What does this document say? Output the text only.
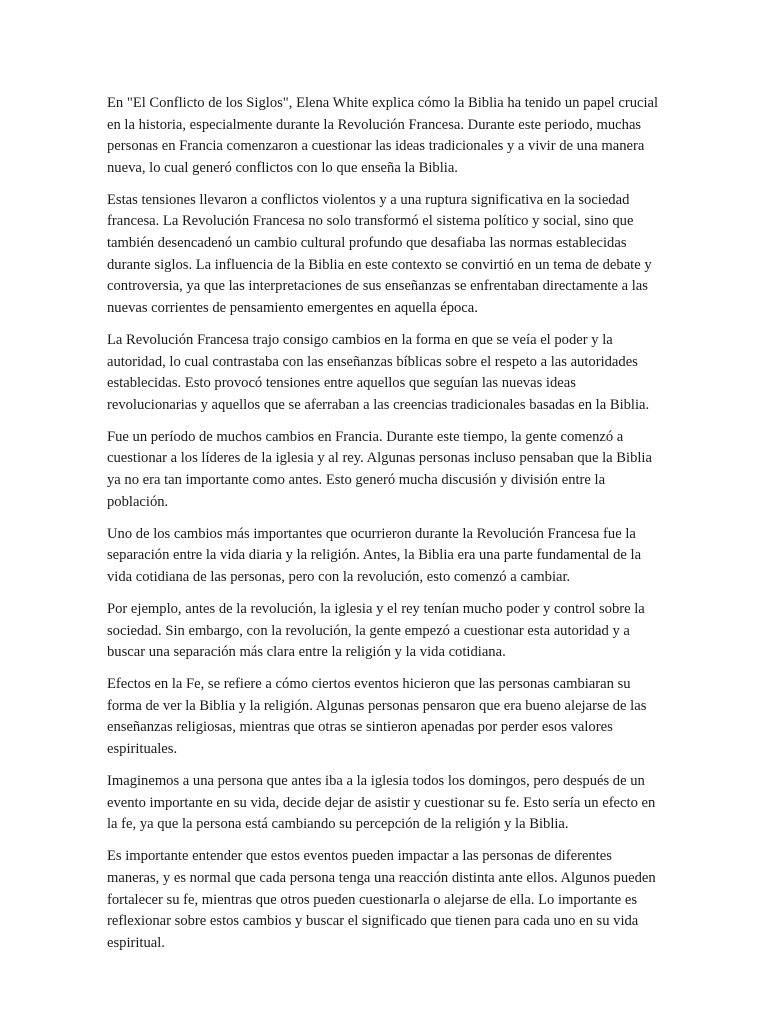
En "El Conflicto de los Siglos", Elena White explica cómo la Biblia ha tenido un papel crucial en la historia, especialmente durante la Revolución Francesa. Durante este periodo, muchas personas en Francia comenzaron a cuestionar las ideas tradicionales y a vivir de una manera nueva, lo cual generó conflictos con lo que enseña la Biblia.

Estas tensiones llevaron a conflictos violentos y a una ruptura significativa en la sociedad francesa. La Revolución Francesa no solo transformó el sistema político y social, sino que también desencadenó un cambio cultural profundo que desafiaba las normas establecidas durante siglos. La influencia de la Biblia en este contexto se convirtió en un tema de debate y controversia, ya que las interpretaciones de sus enseñanzas se enfrentaban directamente a las nuevas corrientes de pensamiento emergentes en aquella época.

La Revolución Francesa trajo consigo cambios en la forma en que se veía el poder y la autoridad, lo cual contrastaba con las enseñanzas bíblicas sobre el respeto a las autoridades establecidas. Esto provocó tensiones entre aquellos que seguían las nuevas ideas revolucionarias y aquellos que se aferraban a las creencias tradicionales basadas en la Biblia.

Fue un período de muchos cambios en Francia. Durante este tiempo, la gente comenzó a cuestionar a los líderes de la iglesia y al rey. Algunas personas incluso pensaban que la Biblia ya no era tan importante como antes. Esto generó mucha discusión y división entre la población.

Uno de los cambios más importantes que ocurrieron durante la Revolución Francesa fue la separación entre la vida diaria y la religión. Antes, la Biblia era una parte fundamental de la vida cotidiana de las personas, pero con la revolución, esto comenzó a cambiar.

Por ejemplo, antes de la revolución, la iglesia y el rey tenían mucho poder y control sobre la sociedad. Sin embargo, con la revolución, la gente empezó a cuestionar esta autoridad y a buscar una separación más clara entre la religión y la vida cotidiana.

Efectos en la Fe, se refiere a cómo ciertos eventos hicieron que las personas cambiaran su forma de ver la Biblia y la religión. Algunas personas pensaron que era bueno alejarse de las enseñanzas religiosas, mientras que otras se sintieron apenadas por perder esos valores espirituales.

Imaginemos a una persona que antes iba a la iglesia todos los domingos, pero después de un evento importante en su vida, decide dejar de asistir y cuestionar su fe. Esto sería un efecto en la fe, ya que la persona está cambiando su percepción de la religión y la Biblia.

Es importante entender que estos eventos pueden impactar a las personas de diferentes maneras, y es normal que cada persona tenga una reacción distinta ante ellos. Algunos pueden fortalecer su fe, mientras que otros pueden cuestionarla o alejarse de ella. Lo importante es reflexionar sobre estos cambios y buscar el significado que tienen para cada uno en su vida espiritual.
